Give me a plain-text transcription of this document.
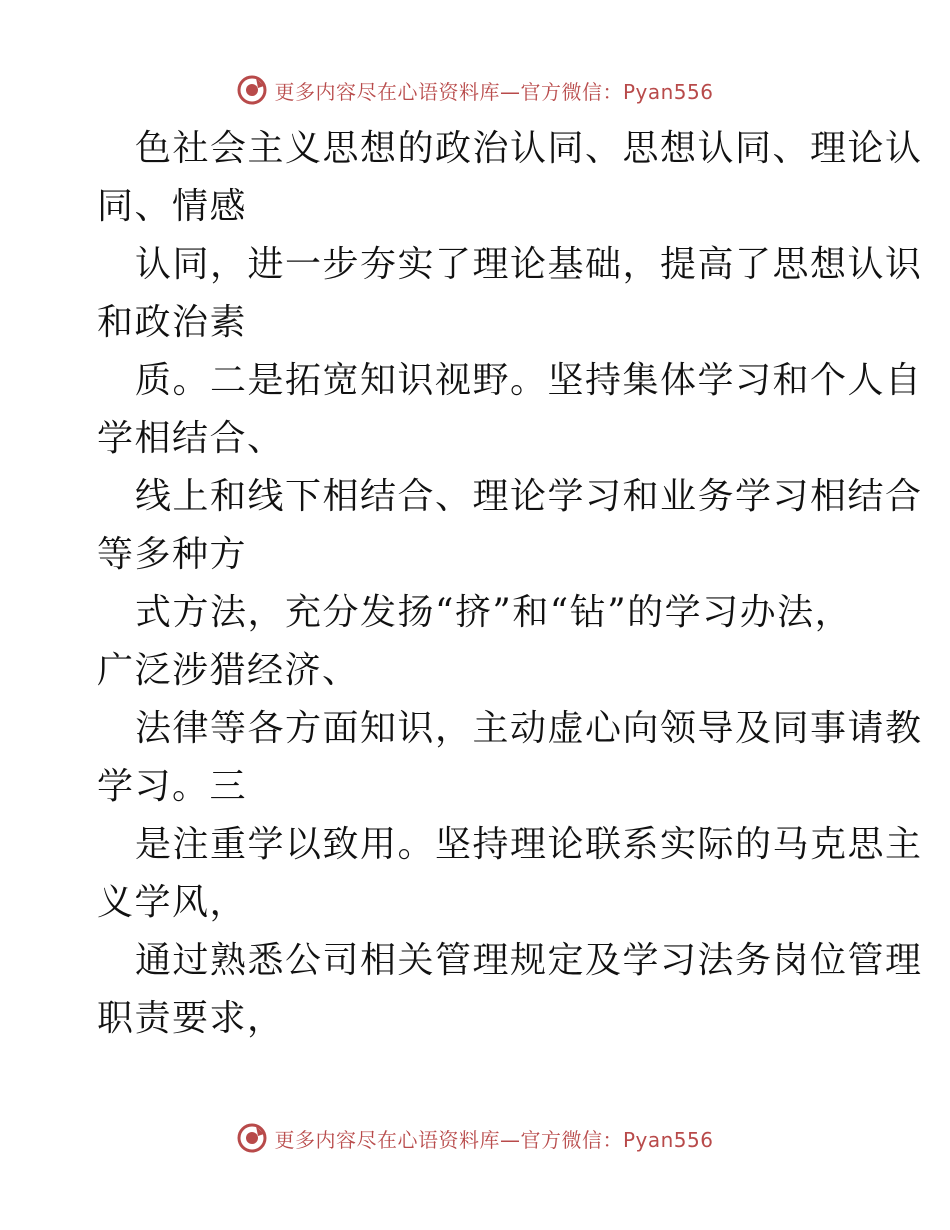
更多内容尽在心语资料库—官方微信：Pyan556
色社会主义思想的政治认同、思想认同、理论认
同、情感
认同，进一步夯实了理论基础，提高了思想认识
和政治素
质。二是拓宽知识视野。坚持集体学习和个人自
学相结合、
线上和线下相结合、理论学习和业务学习相结合
等多种方
式方法，充分发扬“挤”和“钻”的学习办法，
广泛涉猎经济、
法律等各方面知识，主动虚心向领导及同事请教
学习。三
是注重学以致用。坚持理论联系实际的马克思主
义学风，
通过熟悉公司相关管理规定及学习法务岗位管理
职责要求，
更多内容尽在心语资料库—官方微信：Pyan556
